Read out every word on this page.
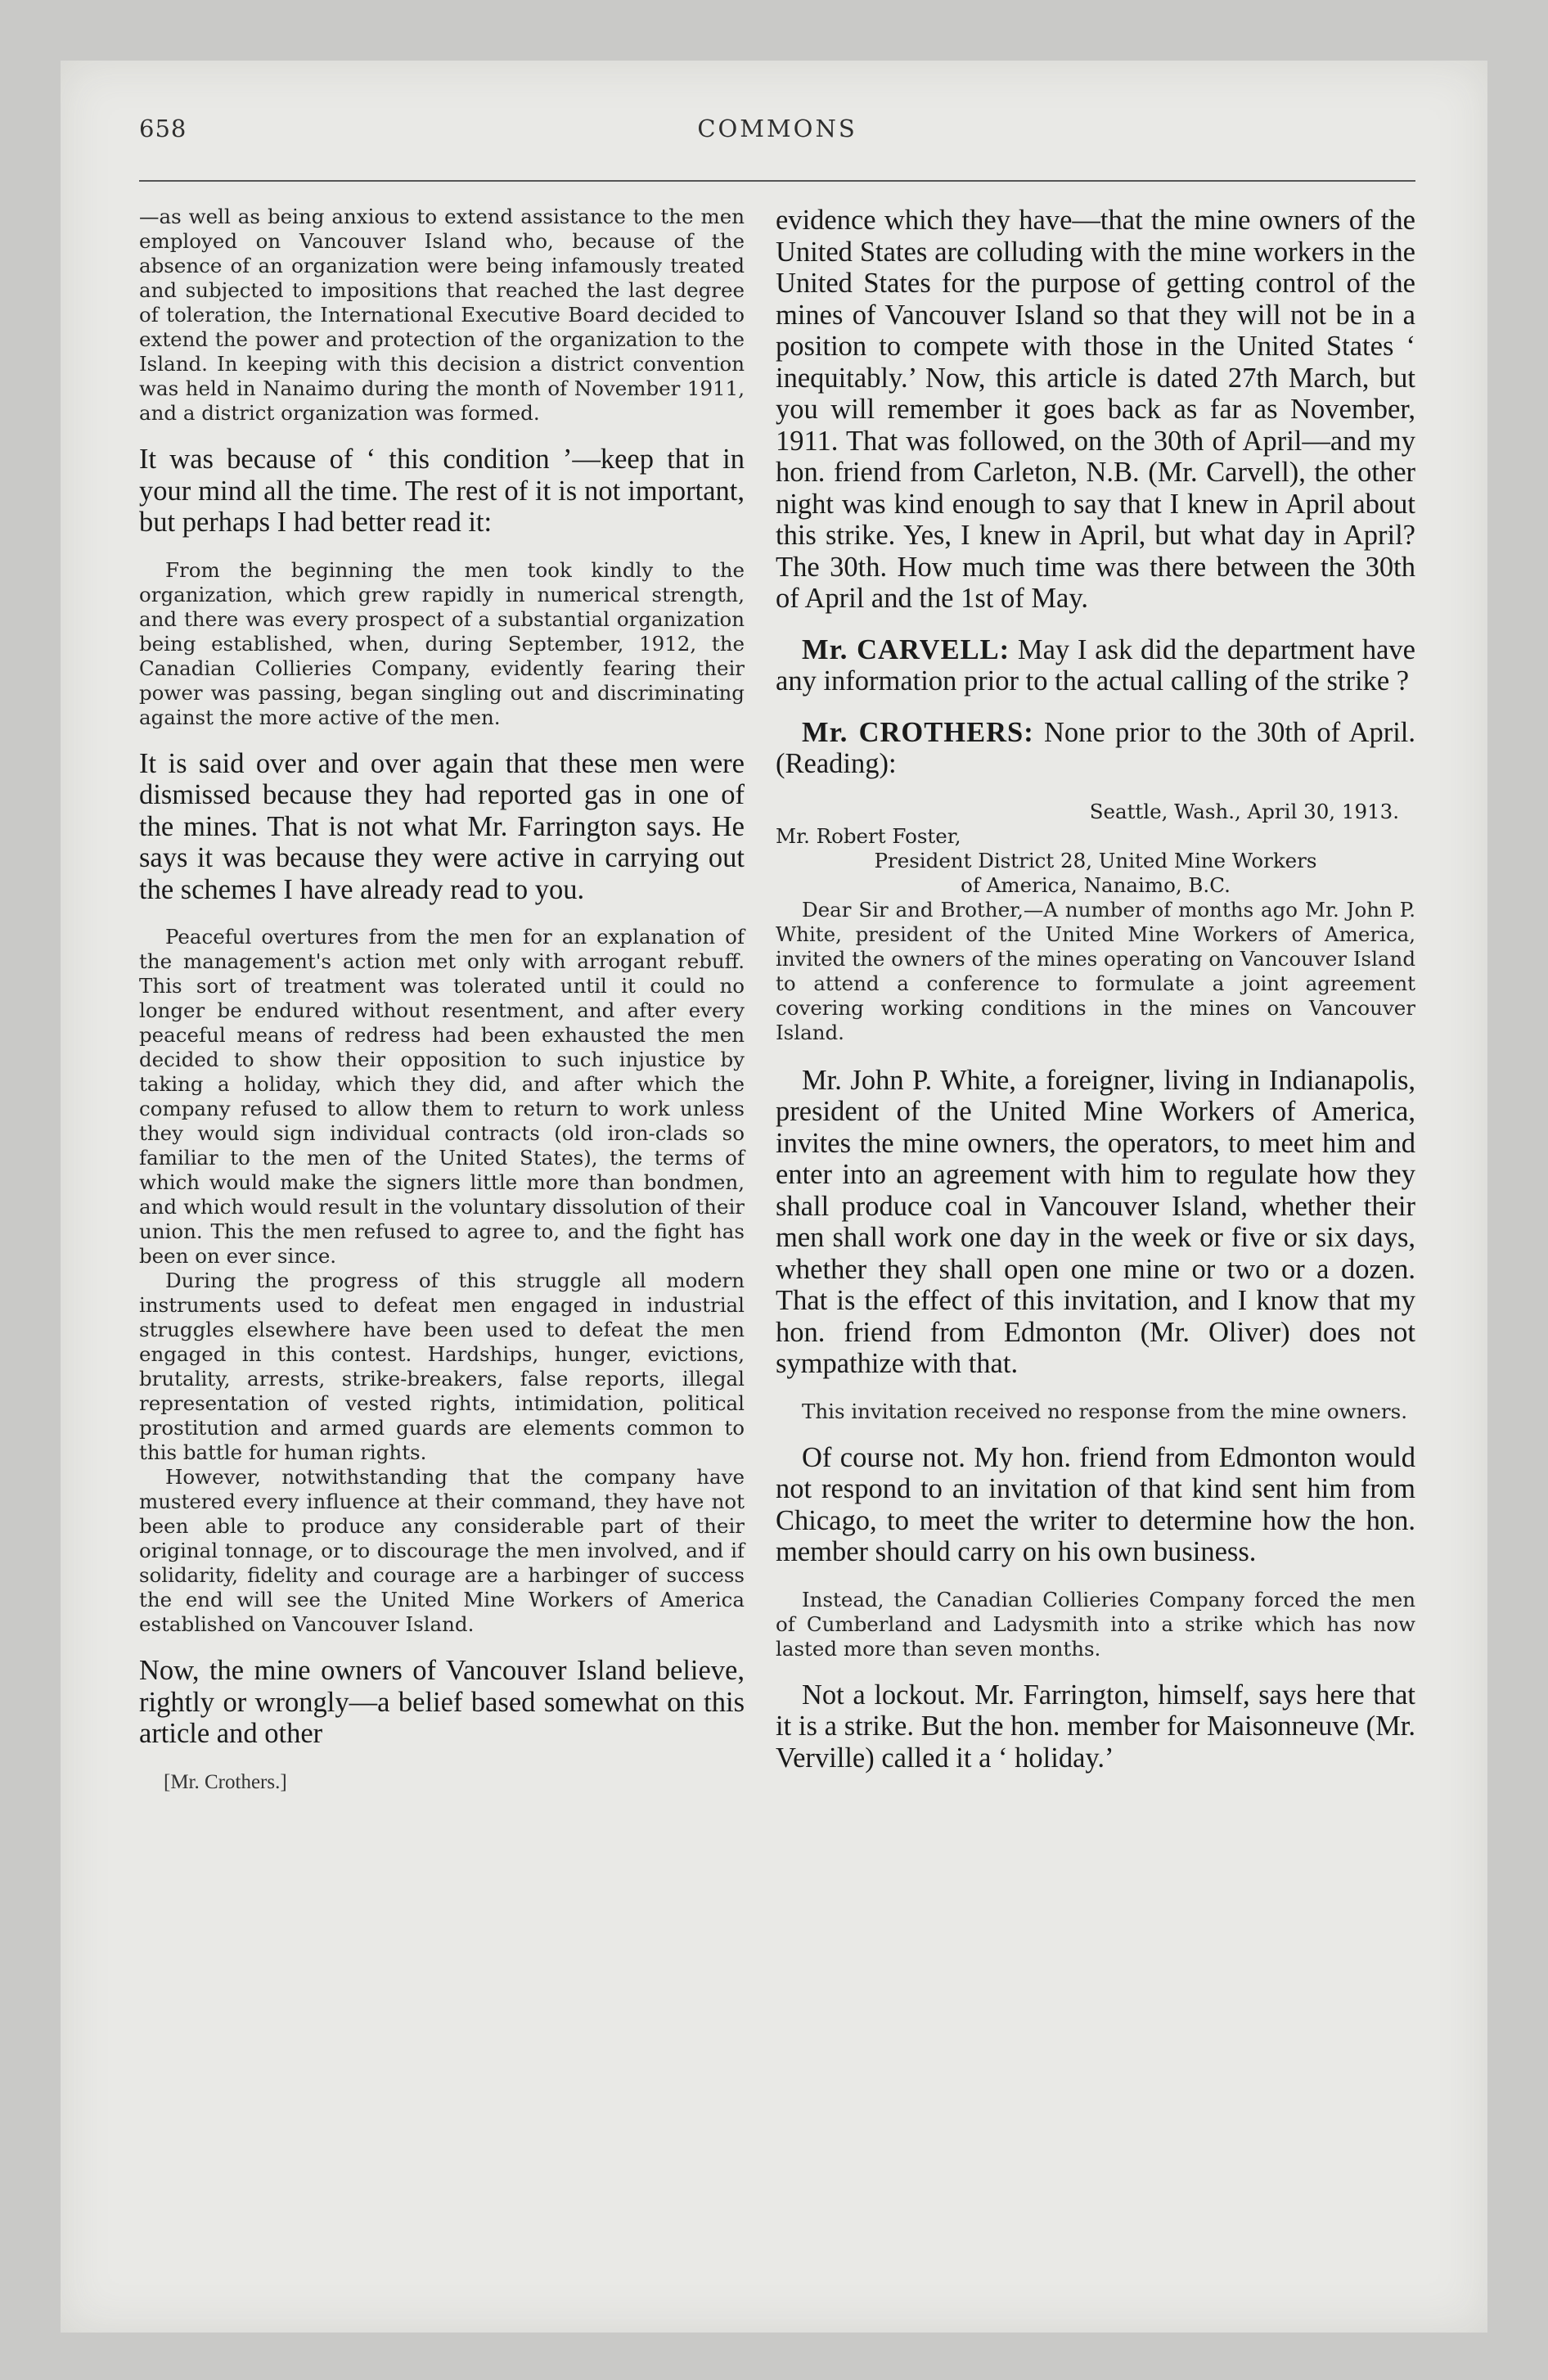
658	COMMONS

—as well as being anxious to extend assistance to the men employed on Vancouver Island who, because of the absence of an organization were being infamously treated and subjected to impositions that reached the last degree of toleration, the International Executive Board decided to extend the power and protection of the organization to the Island. In keeping with this decision a district convention was held in Nanaimo during the month of November 1911, and a district organization was formed.

It was because of ‘ this condition ’—keep that in your mind all the time. The rest of it is not important, but perhaps I had better read it:

From the beginning the men took kindly to the organization, which grew rapidly in numerical strength, and there was every prospect of a substantial organization being established, when, during September, 1912, the Canadian Collieries Company, evidently fearing their power was passing, began singling out and discriminating against the more active of the men.

It is said over and over again that these men were dismissed because they had reported gas in one of the mines. That is not what Mr. Farrington says. He says it was because they were active in carrying out the schemes I have already read to you.

Peaceful overtures from the men for an explanation of the management's action met only with arrogant rebuff. This sort of treatment was tolerated until it could no longer be endured without resentment, and after every peaceful means of redress had been exhausted the men decided to show their opposition to such injustice by taking a holiday, which they did, and after which the company refused to allow them to return to work unless they would sign individual contracts (old iron-clads so familiar to the men of the United States), the terms of which would make the signers little more than bondmen, and which would result in the voluntary dissolution of their union. This the men refused to agree to, and the fight has been on ever since.

During the progress of this struggle all modern instruments used to defeat men engaged in industrial struggles elsewhere have been used to defeat the men engaged in this contest. Hardships, hunger, evictions, brutality, arrests, strike-breakers, false reports, illegal representation of vested rights, intimidation, political prostitution and armed guards are elements common to this battle for human rights.

However, notwithstanding that the company have mustered every influence at their command, they have not been able to produce any considerable part of their original tonnage, or to discourage the men involved, and if solidarity, fidelity and courage are a harbinger of success the end will see the United Mine Workers of America established on Vancouver Island.

Now, the mine owners of Vancouver Island believe, rightly or wrongly—a belief based somewhat on this article and other

[Mr. Crothers.]

evidence which they have—that the mine owners of the United States are colluding with the mine workers in the United States for the purpose of getting control of the mines of Vancouver Island so that they will not be in a position to compete with those in the United States ‘ inequitably.’ Now, this article is dated 27th March, but you will remember it goes back as far as November, 1911. That was followed, on the 30th of April—and my hon. friend from Carleton, N.B. (Mr. Carvell), the other night was kind enough to say that I knew in April about this strike. Yes, I knew in April, but what day in April? The 30th. How much time was there between the 30th of April and the 1st of May.

Mr. CARVELL: May I ask did the department have any information prior to the actual calling of the strike ?

Mr. CROTHERS: None prior to the 30th of April. (Reading):

Seattle, Wash., April 30, 1913.

Mr. Robert Foster,

President District 28, United Mine Workers

of America, Nanaimo, B.C.

Dear Sir and Brother,—A number of months ago Mr. John P. White, president of the United Mine Workers of America, invited the owners of the mines operating on Vancouver Island to attend a conference to formulate a joint agreement covering working conditions in the mines on Vancouver Island.

Mr. John P. White, a foreigner, living in Indianapolis, president of the United Mine Workers of America, invites the mine owners, the operators, to meet him and enter into an agreement with him to regulate how they shall produce coal in Vancouver Island, whether their men shall work one day in the week or five or six days, whether they shall open one mine or two or a dozen. That is the effect of this invitation, and I know that my hon. friend from Edmonton (Mr. Oliver) does not sympathize with that.

This invitation received no response from the mine owners.

Of course not. My hon. friend from Edmonton would not respond to an invitation of that kind sent him from Chicago, to meet the writer to determine how the hon. member should carry on his own business.

Instead, the Canadian Collieries Company forced the men of Cumberland and Ladysmith into a strike which has now lasted more than seven months.

Not a lockout. Mr. Farrington, himself, says here that it is a strike. But the hon. member for Maisonneuve (Mr. Verville) called it a ‘ holiday.’
